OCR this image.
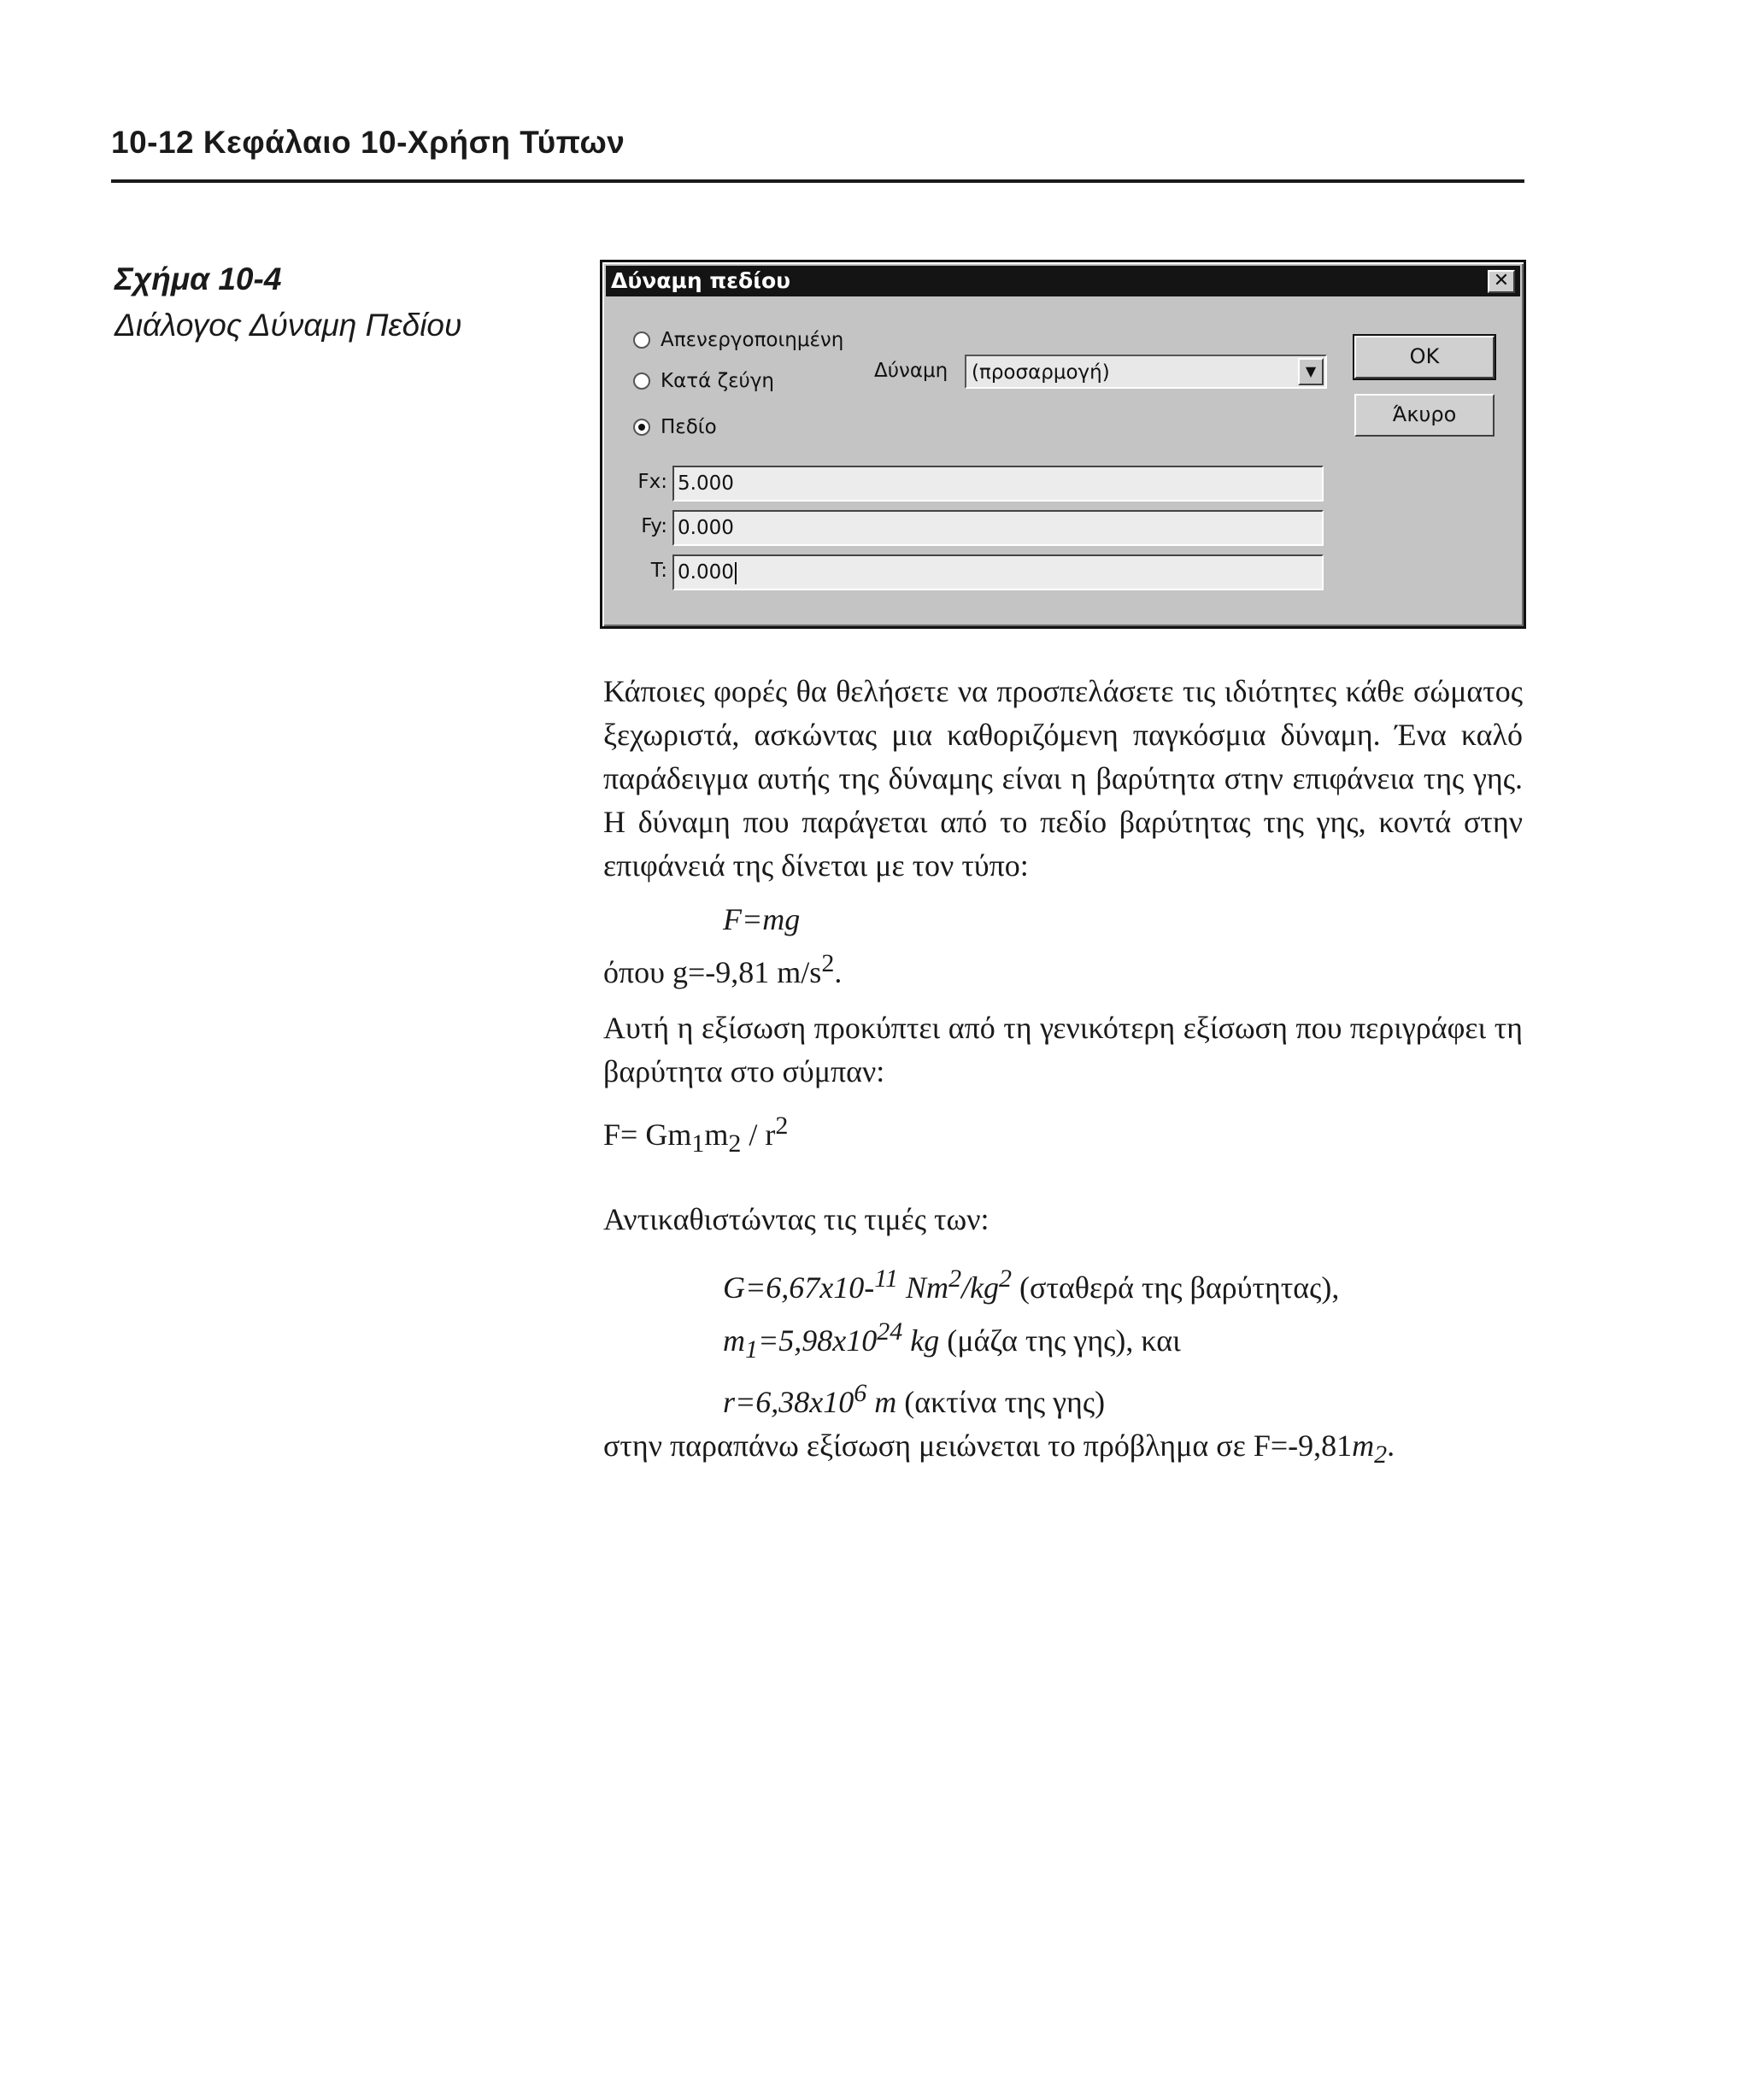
10-12 Κεφάλαιο 10-Χρήση Τύπων
Σχήμα 10-4
Διάλογος Δύναμη Πεδίου
Δύναμη πεδίου	✕
Απενεργοποιημένη
Κατά ζεύγη
Πεδίο
Δύναμη (προσαρμογή)	▼
ΟΚ
Άκυρο
Fx: 5.000
Fy: 0.000
T: 0.000

Κάποιες φορές θα θελήσετε να προσπελάσετε τις ιδιότητες κάθε σώματος ξεχωριστά, ασκώντας μια καθοριζόμενη παγκόσμια δύναμη. Ένα καλό παράδειγμα αυτής της δύναμης είναι η βαρύτητα στην επιφάνεια της γης. Η δύναμη που παράγεται από το πεδίο βαρύτητας της γης, κοντά στην επιφάνειά της δίνεται με τον τύπο:

F=mg
όπου g=-9,81 $m/s^2$.

Αυτή η εξίσωση προκύπτει από τη γενικότερη εξίσωση που περιγράφει τη βαρύτητα στο σύμπαν:

$F= Gm_1m_2 / r^2$
Αντικαθιστώντας τις τιμές των:
G=6,67x10-$^{11}$ $Nm^2/kg^2$ (σταθερά της βαρύτητας),
$m_1=5,98x10^{24}$ kg (μάζα της γης), και
$r=6,38x10^6$ m (ακτίνα της γης)
στην παραπάνω εξίσωση μειώνεται το πρόβλημα σε $F=-9,81m_2$.
